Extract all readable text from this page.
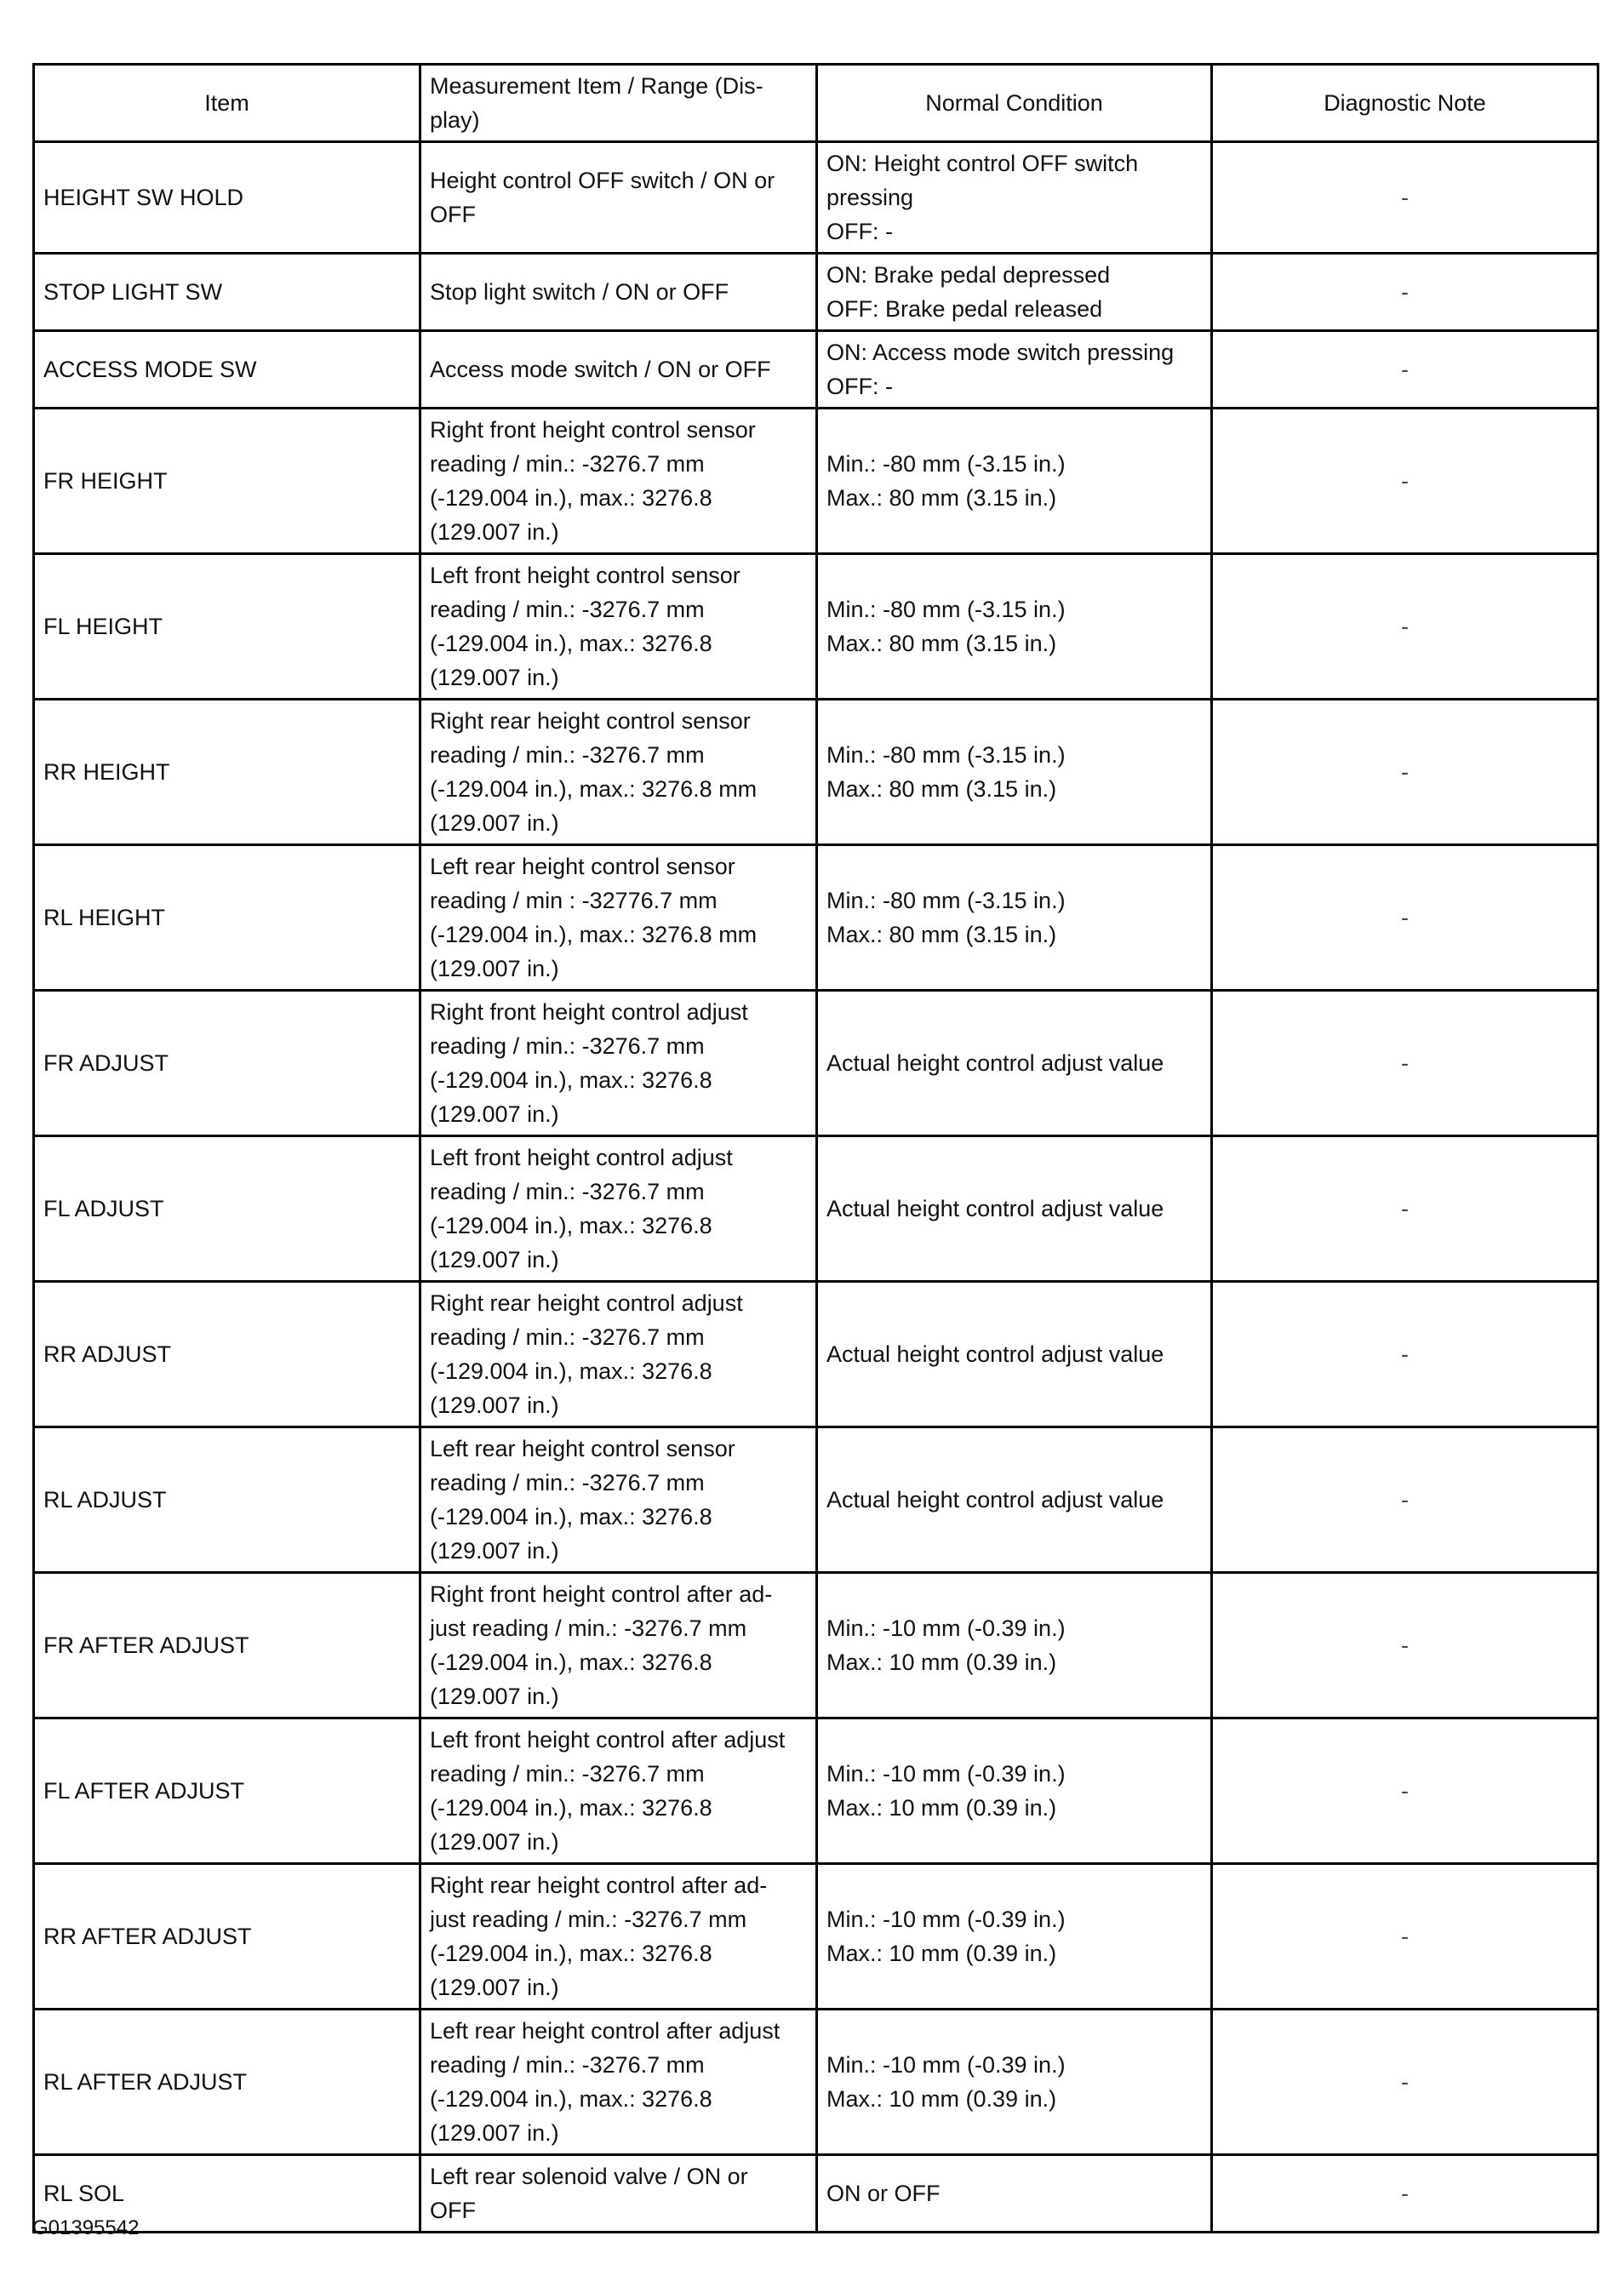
Item	Measurement Item / Range (Dis-
play)	Normal Condition	Diagnostic Note
HEIGHT SW HOLD	Height control OFF switch / ON or
OFF	ON: Height control OFF switch
pressing
OFF: -	-
STOP LIGHT SW	Stop light switch / ON or OFF	ON: Brake pedal depressed
OFF: Brake pedal released	-
ACCESS MODE SW	Access mode switch / ON or OFF	ON: Access mode switch pressing
OFF: -	-
FR HEIGHT	Right front height control sensor
reading / min.: -3276.7 mm
(-129.004 in.), max.: 3276.8
(129.007 in.)	Min.: -80 mm (-3.15 in.)
Max.: 80 mm (3.15 in.)	-
FL HEIGHT	Left front height control sensor
reading / min.: -3276.7 mm
(-129.004 in.), max.: 3276.8
(129.007 in.)	Min.: -80 mm (-3.15 in.)
Max.: 80 mm (3.15 in.)	-
RR HEIGHT	Right rear height control sensor
reading / min.: -3276.7 mm
(-129.004 in.), max.: 3276.8 mm
(129.007 in.)	Min.: -80 mm (-3.15 in.)
Max.: 80 mm (3.15 in.)	-
RL HEIGHT	Left rear height control sensor
reading / min : -32776.7 mm
(-129.004 in.), max.: 3276.8 mm
(129.007 in.)	Min.: -80 mm (-3.15 in.)
Max.: 80 mm (3.15 in.)	-
FR ADJUST	Right front height control adjust
reading / min.: -3276.7 mm
(-129.004 in.), max.: 3276.8
(129.007 in.)	Actual height control adjust value	-
FL ADJUST	Left front height control adjust
reading / min.: -3276.7 mm
(-129.004 in.), max.: 3276.8
(129.007 in.)	Actual height control adjust value	-
RR ADJUST	Right rear height control adjust
reading / min.: -3276.7 mm
(-129.004 in.), max.: 3276.8
(129.007 in.)	Actual height control adjust value	-
RL ADJUST	Left rear height control sensor
reading / min.: -3276.7 mm
(-129.004 in.), max.: 3276.8
(129.007 in.)	Actual height control adjust value	-
FR AFTER ADJUST	Right front height control after ad-
just reading / min.: -3276.7 mm
(-129.004 in.), max.: 3276.8
(129.007 in.)	Min.: -10 mm (-0.39 in.)
Max.: 10 mm (0.39 in.)	-
FL AFTER ADJUST	Left front height control after adjust
reading / min.: -3276.7 mm
(-129.004 in.), max.: 3276.8
(129.007 in.)	Min.: -10 mm (-0.39 in.)
Max.: 10 mm (0.39 in.)	-
RR AFTER ADJUST	Right rear height control after ad-
just reading / min.: -3276.7 mm
(-129.004 in.), max.: 3276.8
(129.007 in.)	Min.: -10 mm (-0.39 in.)
Max.: 10 mm (0.39 in.)	-
RL AFTER ADJUST	Left rear height control after adjust
reading / min.: -3276.7 mm
(-129.004 in.), max.: 3276.8
(129.007 in.)	Min.: -10 mm (-0.39 in.)
Max.: 10 mm (0.39 in.)	-
RL SOL	Left rear solenoid valve / ON or
OFF	ON or OFF	-
G01395542
